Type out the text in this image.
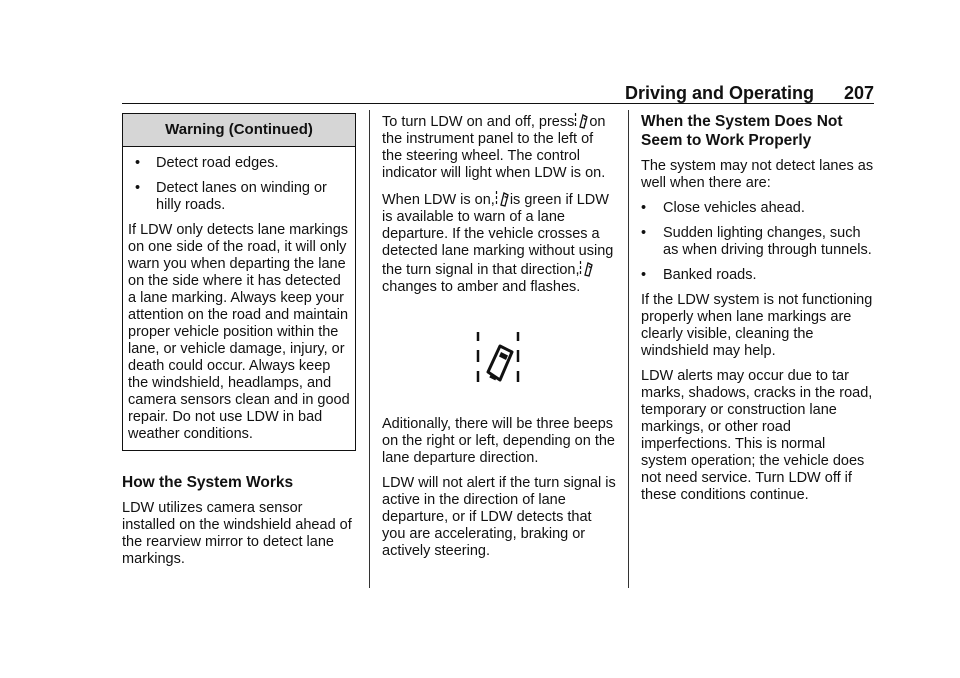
Driving and Operating 207
Warning (Continued)
•	Detect road edges.
•	Detect lanes on winding or hilly roads.

If LDW only detects lane markings on one side of the road, it will only warn you when departing the lane on the side where it has detected a lane marking. Always keep your attention on the road and maintain proper vehicle position within the lane, or vehicle damage, injury, or death could occur. Always keep the windshield, headlamps, and camera sensors clean and in good repair. Do not use LDW in bad weather conditions.

How the System Works

LDW utilizes camera sensor installed on the windshield ahead of the rearview mirror to detect lane markings.

To turn LDW on and off, press on the instrument panel to the left of the steering wheel. The control indicator will light when LDW is on.

When LDW is on, is green if LDW is available to warn of a lane departure. If the vehicle crosses a detected lane marking without using the turn signal in that direction,changes to amber and flashes.

Aditionally, there will be three beeps on the right or left, depending on the lane departure direction.

LDW will not alert if the turn signal is active in the direction of lane departure, or if LDW detects that you are accelerating, braking or actively steering.

When the System Does Not Seem to Work Properly

The system may not detect lanes as well when there are:

•	Close vehicles ahead.
•	Sudden lighting changes, such as when driving through tunnels.
•	Banked roads.

If the LDW system is not functioning properly when lane markings are clearly visible, cleaning the windshield may help.

LDW alerts may occur due to tar marks, shadows, cracks in the road, temporary or construction lane markings, or other road imperfections. This is normal system operation; the vehicle does not need service. Turn LDW off if these conditions continue.
